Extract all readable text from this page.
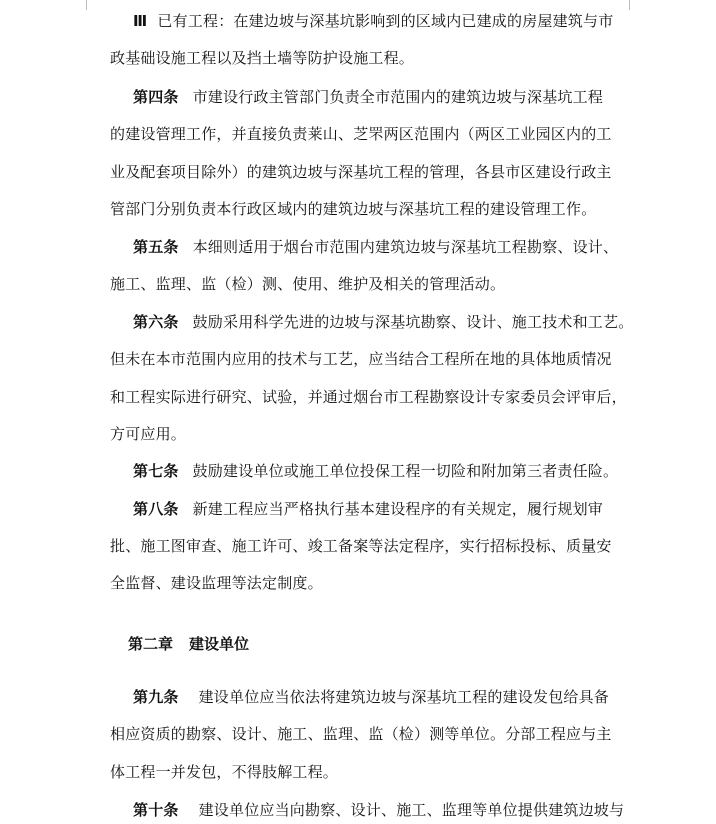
Ⅲ 已有工程：在建边坡与深基坑影响到的区域内已建成的房屋建筑与市
政基础设施工程以及挡土墙等防护设施工程。
第四条 市建设行政主管部门负责全市范围内的建筑边坡与深基坑工程
的建设管理工作，并直接负责莱山、芝罘两区范围内（两区工业园区内的工
业及配套项目除外）的建筑边坡与深基坑工程的管理，各县市区建设行政主
管部门分别负责本行政区域内的建筑边坡与深基坑工程的建设管理工作。
第五条 本细则适用于烟台市范围内建筑边坡与深基坑工程勘察、设计、
施工、监理、监（检）测、使用、维护及相关的管理活动。
第六条 鼓励采用科学先进的边坡与深基坑勘察、设计、施工技术和工艺。
但未在本市范围内应用的技术与工艺，应当结合工程所在地的具体地质情况
和工程实际进行研究、试验，并通过烟台市工程勘察设计专家委员会评审后，
方可应用。
第七条 鼓励建设单位或施工单位投保工程一切险和附加第三者责任险。
第八条 新建工程应当严格执行基本建设程序的有关规定，履行规划审
批、施工图审查、施工许可、竣工备案等法定程序，实行招标投标、质量安
全监督、建设监理等法定制度。
第二章 建设单位
第九条 建设单位应当依法将建筑边坡与深基坑工程的建设发包给具备
相应资质的勘察、设计、施工、监理、监（检）测等单位。分部工程应与主
体工程一并发包，不得肢解工程。
第十条 建设单位应当向勘察、设计、施工、监理等单位提供建筑边坡与
